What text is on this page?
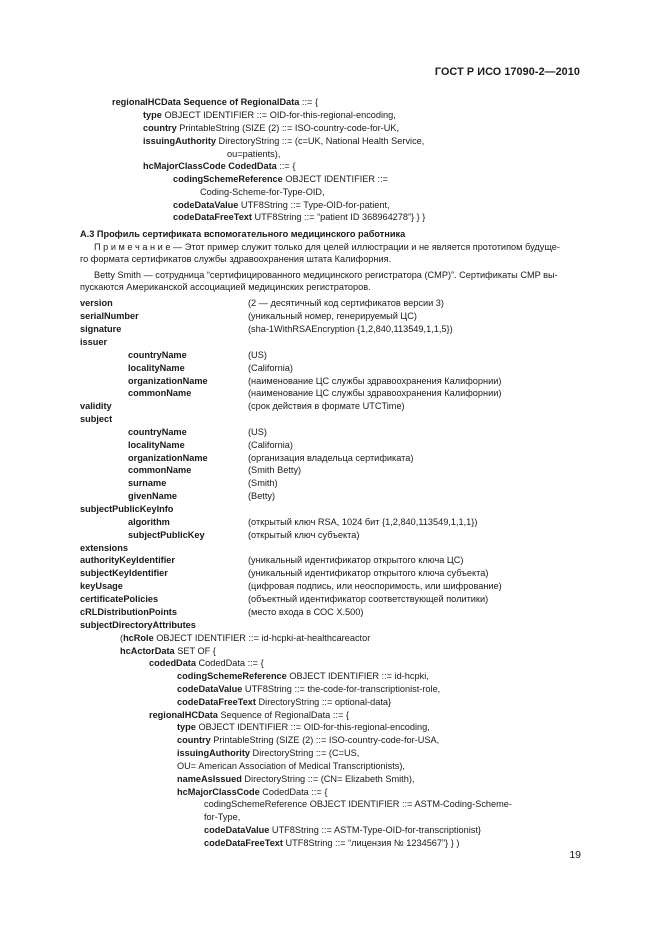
ГОСТ Р ИСО 17090-2—2010
regionalHCData Sequence of RegionalData ::= {
type OBJECT IDENTIFIER ::= OID-for-this-regional-encoding,
country PrintableString (SIZE (2) ::= ISO-country-code-for-UK,
issuingAuthority DirectoryString ::= (c=UK, National Health Service,
ou=patients),
hcMajorClassCode CodedData ::= {
codingSchemeReference OBJECT IDENTIFIER ::=
Coding-Scheme-for-Type-OID,
codeDataValue UTF8String ::= Type-OID-for-patient,
codeDataFreeText UTF8String ::= “patient ID 368964278”} } }
А.3 Профиль сертификата вспомогательного медицинского работника
П р и м е ч а н и е — Этот пример служит только для целей иллюстрации и не является прототипом будуще-
го формата сертификатов службы здравоохранения штата Калифорния.
Betty Smith — сотрудница “сертифицированного медицинского регистратора (CMP)”. Сертификаты CMP вы-
пускаются Американской ассоциацией медицинских регистраторов.
version	(2 — десятичный код сертификатов версии 3)
serialNumber	(уникальный номер, генерируемый ЦС)
signature	(sha-1WithRSAEncryption {1,2,840,113549,1,1,5})
issuer
countryName	(US)
localityName	(California)
organizationName	(наименование ЦС службы здравоохранения Калифорнии)
commonName	(наименование ЦС службы здравоохранения Калифорнии)
validity	(срок действия в формате UTCTime)
subject
countryName	(US)
localityName	(California)
organizationName	(организация владельца сертификата)
commonName	(Smith Betty)
surname	(Smith)
givenName	(Betty)
subjectPublicKeyInfo
algorithm	(открытый ключ RSA, 1024 бит {1,2,840,113549,1,1,1})
subjectPublicKey	(открытый ключ субъекта)
extensions
authorityKeyIdentifier	(уникальный идентификатор открытого ключа ЦС)
subjectKeyIdentifier	(уникальный идентификатор открытого ключа субъекта)
keyUsage	(цифровая подпись, или неоспоримость, или шифрование)
certificatePolicies	(объектный идентификатор соответствующей политики)
cRLDistributionPoints	(место входа в СОС X.500)
subjectDirectoryAttributes
(hcRole OBJECT IDENTIFIER ::= id-hcpki-at-healthcareactor
hcActorData SET OF {
codedData CodedData ::= {
codingSchemeReference OBJECT IDENTIFIER ::= id-hcpki,
codeDataValue UTF8String ::= the-code-for-transcriptionist-role,
codeDataFreeText DirectoryString ::= optional-data}
regionalHCData Sequence of RegionalData ::= {
type OBJECT IDENTIFIER ::= OID-for-this-regional-encoding,
country PrintableString (SIZE (2) ::= ISO-country-code-for-USA,
issuingAuthority DirectoryString ::= (C=US,
OU= American Association of Medical Transcriptionists),
nameAsIssued DirectoryString ::= (CN= Elizabeth Smith),
hcMajorClassCode CodedData ::= {
codingSchemeReference OBJECT IDENTIFIER ::= ASTM-Coding-Scheme-
for-Type,
codeDataValue UTF8String ::= ASTM-Type-OID-for-transcriptionist}
codeDataFreeText UTF8String ::= “лицензия № 1234567”} } )
19
